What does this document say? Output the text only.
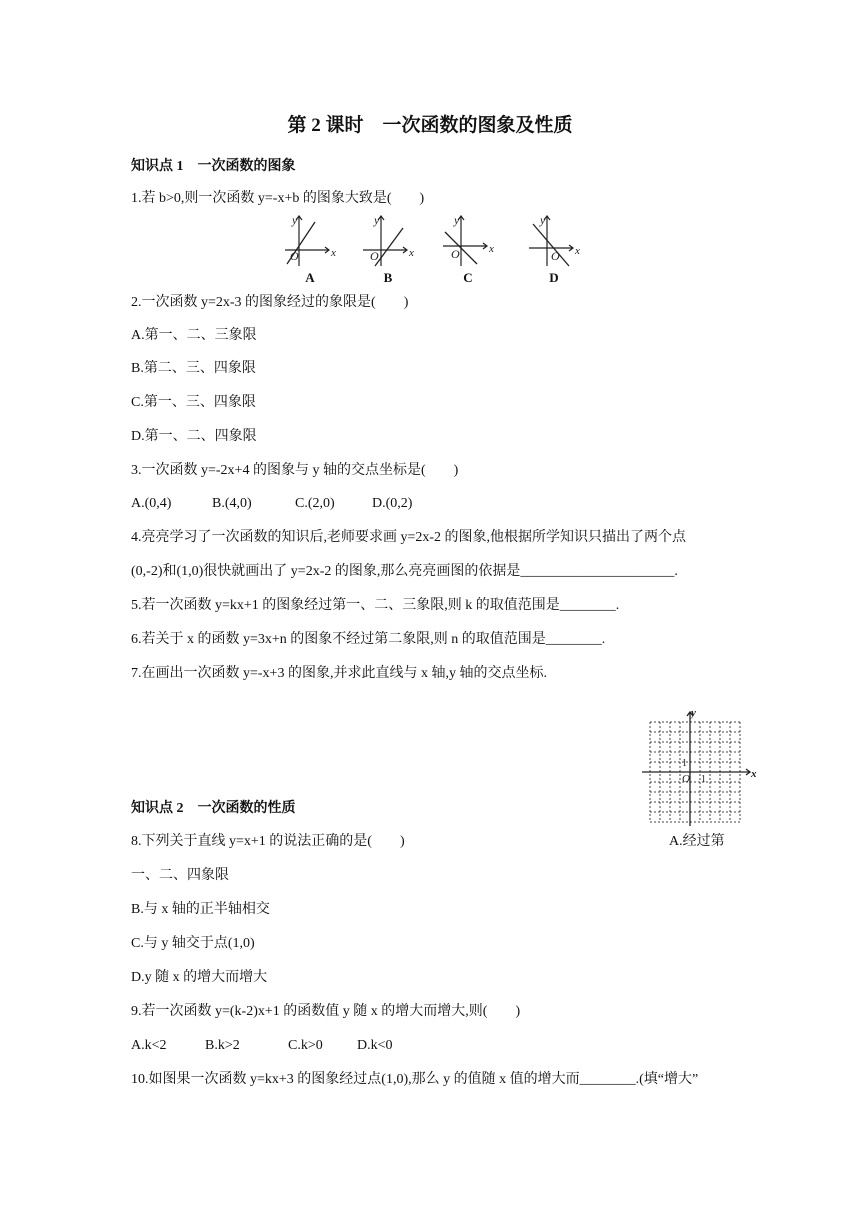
第 2 课时　一次函数的图象及性质
知识点 1　一次函数的图象
1.若 b>0,则一次函数 y=-x+b 的图象大致是(　　)
y
x
O
A
y
x
O
B
y
x
O
C
y
x
O
D
2.一次函数 y=2x-3 的图象经过的象限是(　　)
A.第一、二、三象限
B.第二、三、四象限
C.第一、三、四象限
D.第一、二、四象限
3.一次函数 y=-2x+4 的图象与 y 轴的交点坐标是(　　)
A.(0,4)	B.(4,0)	C.(2,0)	D.(0,2)
4.亮亮学习了一次函数的知识后,老师要求画 y=2x-2 的图象,他根据所学知识只描出了两个点
(0,-2)和(1,0)很快就画出了 y=2x-2 的图象,那么亮亮画图的依据是______________________.
5.若一次函数 y=kx+1 的图象经过第一、二、三象限,则 k 的取值范围是________.
6.若关于 x 的函数 y=3x+n 的图象不经过第二象限,则 n 的取值范围是________.
7.在画出一次函数 y=-x+3 的图象,并求此直线与 x 轴,y 轴的交点坐标.
y
x
O 1
1
知识点 2　一次函数的性质
8.下列关于直线 y=x+1 的说法正确的是(　　)	A.经过第
一、二、四象限
B.与 x 轴的正半轴相交
C.与 y 轴交于点(1,0)
D.y 随 x 的增大而增大
9.若一次函数 y=(k-2)x+1 的函数值 y 随 x 的增大而增大,则(　　)
A.k<2	B.k>2	C.k>0 D.k<0
10.如图果一次函数 y=kx+3 的图象经过点(1,0),那么 y 的值随 x 值的增大而________.(填“增大”
